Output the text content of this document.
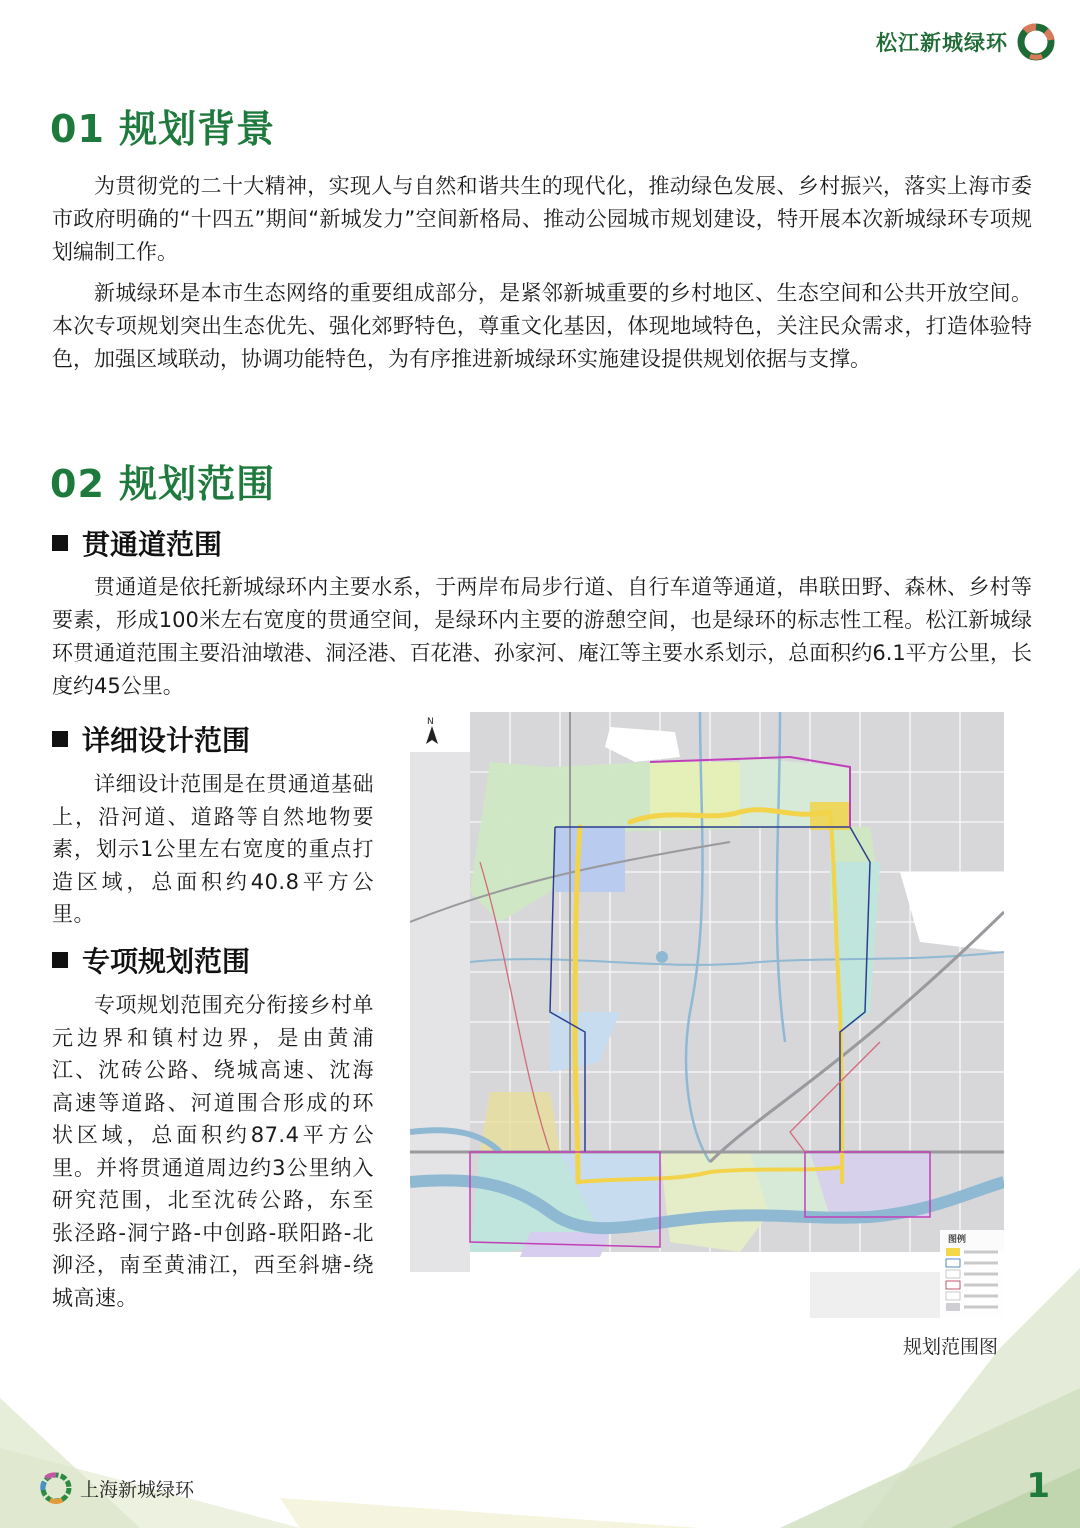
松江新城绿环
01 规划背景

为贯彻党的二十大精神，实现人与自然和谐共生的现代化，推动绿色发展、乡村振兴，落实上海市委市政府明确的“十四五”期间“新城发力”空间新格局、推动公园城市规划建设，特开展本次新城绿环专项规划编制工作。

新城绿环是本市生态网络的重要组成部分，是紧邻新城重要的乡村地区、生态空间和公共开放空间。本次专项规划突出生态优先、强化郊野特色，尊重文化基因，体现地域特色，关注民众需求，打造体验特色，加强区域联动，协调功能特色，为有序推进新城绿环实施建设提供规划依据与支撑。

02 规划范围
贯通道范围

贯通道是依托新城绿环内主要水系，于两岸布局步行道、自行车道等通道，串联田野、森林、乡村等要素，形成100米左右宽度的贯通空间，是绿环内主要的游憩空间，也是绿环的标志性工程。松江新城绿环贯通道范围主要沿油墩港、洞泾港、百花港、孙家河、庵江等主要水系划示，总面积约6.1平方公里，长度约45公里。

详细设计范围

详细设计范围是在贯通道基础上，沿河道、道路等自然地物要素，划示1公里左右宽度的重点打造区域，总面积约40.8平方公里。

专项规划范围

专项规划范围充分衔接乡村单元边界和镇村边界，是由黄浦江、沈砖公路、绕城高速、沈海高速等道路、河道围合形成的环状区域，总面积约87.4平方公里。并将贯通道周边约3公里纳入研究范围，北至沈砖公路，东至张泾路-洞宁路-中创路-联阳路-北泖泾，南至黄浦江，西至斜塘-绕城高速。

N
图例
规划范围图
上海新城绿环	1
